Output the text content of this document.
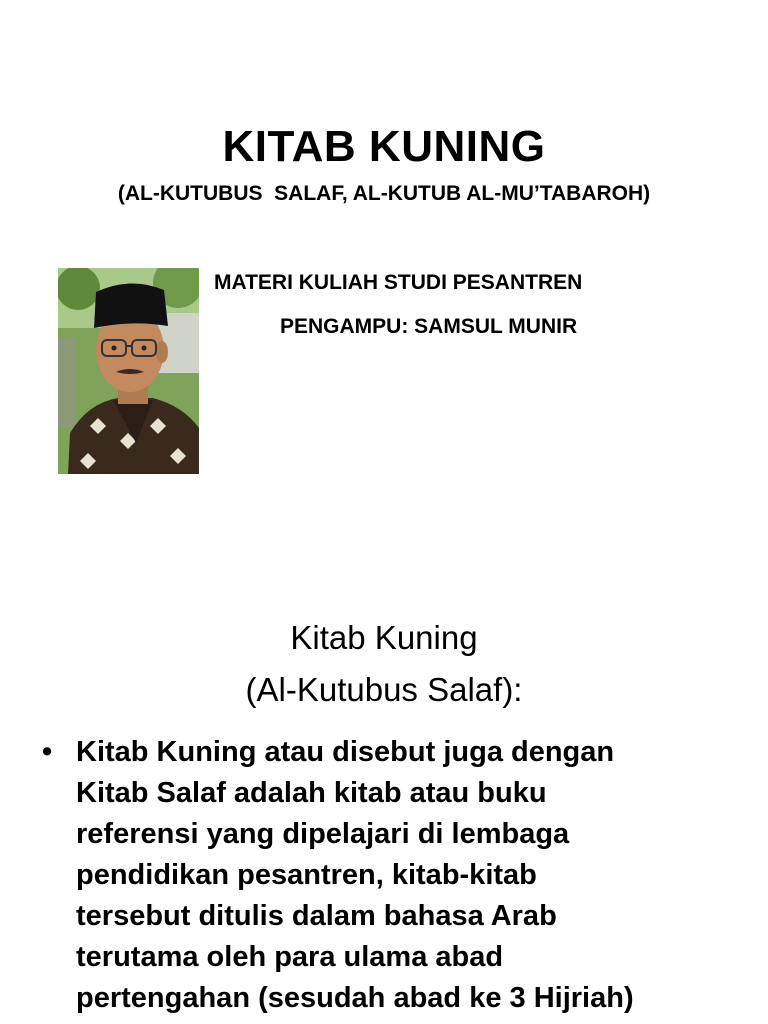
KITAB KUNING
(AL-KUTUBUS  SALAF, AL-KUTUB AL-MU’TABAROH)
MATERI KULIAH STUDI PESANTREN
PENGAMPU: SAMSUL MUNIR
Kitab Kuning
(Al-Kutubus Salaf):
• Kitab Kuning atau disebut juga dengan
Kitab Salaf adalah kitab atau buku
referensi yang dipelajari di lembaga
pendidikan pesantren, kitab-kitab
tersebut ditulis dalam bahasa Arab
terutama oleh para ulama abad
pertengahan (sesudah abad ke 3 Hijriah)
